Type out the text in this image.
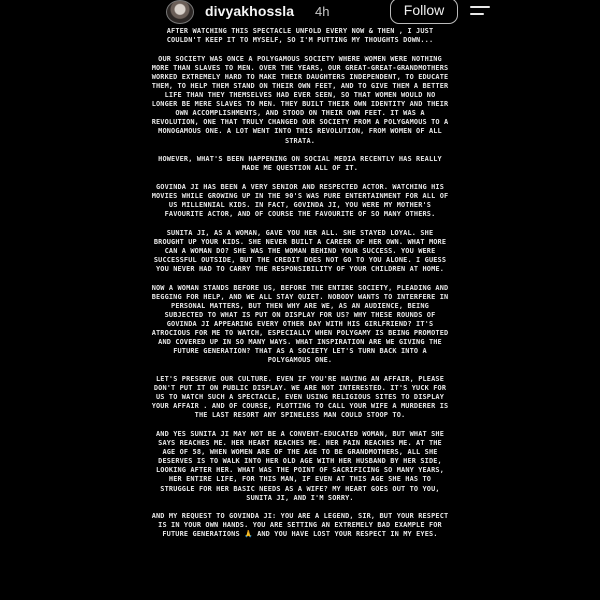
divyakhossla 4h	Follow

AFTER WATCHING THIS SPECTACLE UNFOLD EVERY NOW & THEN , I JUST COULDN'T KEEP IT TO MYSELF, SO I'M PUTTING MY THOUGHTS DOWN...

OUR SOCIETY WAS ONCE A POLYGAMOUS SOCIETY WHERE WOMEN WERE NOTHING MORE THAN SLAVES TO MEN. OVER THE YEARS, OUR GREAT-GREAT-GRANDMOTHERS WORKED EXTREMELY HARD TO MAKE THEIR DAUGHTERS INDEPENDENT, TO EDUCATE THEM, TO HELP THEM STAND ON THEIR OWN FEET, AND TO GIVE THEM A BETTER LIFE THAN THEY THEMSELVES HAD EVER SEEN, SO THAT WOMEN WOULD NO LONGER BE MERE SLAVES TO MEN. THEY BUILT THEIR OWN IDENTITY AND THEIR OWN ACCOMPLISHMENTS, AND STOOD ON THEIR OWN FEET. IT WAS A REVOLUTION, ONE THAT TRULY CHANGED OUR SOCIETY FROM A POLYGAMOUS TO A MONOGAMOUS ONE. A LOT WENT INTO THIS REVOLUTION, FROM WOMEN OF ALL STRATA.

HOWEVER, WHAT'S BEEN HAPPENING ON SOCIAL MEDIA RECENTLY HAS REALLY MADE ME QUESTION ALL OF IT.

GOVINDA JI HAS BEEN A VERY SENIOR AND RESPECTED ACTOR. WATCHING HIS MOVIES WHILE GROWING UP IN THE 90'S WAS PURE ENTERTAINMENT FOR ALL OF US MILLENNIAL KIDS. IN FACT, GOVINDA JI, YOU WERE MY MOTHER'S FAVOURITE ACTOR, AND OF COURSE THE FAVOURITE OF SO MANY OTHERS.

SUNITA JI, AS A WOMAN, GAVE YOU HER ALL. SHE STAYED LOYAL. SHE BROUGHT UP YOUR KIDS. SHE NEVER BUILT A CAREER OF HER OWN. WHAT MORE CAN A WOMAN DO? SHE WAS THE WOMAN BEHIND YOUR SUCCESS. YOU WERE SUCCESSFUL OUTSIDE, BUT THE CREDIT DOES NOT GO TO YOU ALONE. I GUESS YOU NEVER HAD TO CARRY THE RESPONSIBILITY OF YOUR CHILDREN AT HOME.

NOW A WOMAN STANDS BEFORE US, BEFORE THE ENTIRE SOCIETY, PLEADING AND BEGGING FOR HELP, AND WE ALL STAY QUIET. NOBODY WANTS TO INTERFERE IN PERSONAL MATTERS, BUT THEN WHY ARE WE, AS AN AUDIENCE, BEING SUBJECTED TO WHAT IS PUT ON DISPLAY FOR US? WHY THESE ROUNDS OF GOVINDA JI APPEARING EVERY OTHER DAY WITH HIS GIRLFRIEND? IT'S ATROCIOUS FOR ME TO WATCH, ESPECIALLY WHEN POLYGAMY IS BEING PROMOTED AND COVERED UP IN SO MANY WAYS. WHAT INSPIRATION ARE WE GIVING THE FUTURE GENERATION? THAT AS A SOCIETY LET'S TURN BACK INTO A POLYGAMOUS ONE.

LET'S PRESERVE OUR CULTURE. EVEN IF YOU'RE HAVING AN AFFAIR, PLEASE DON'T PUT IT ON PUBLIC DISPLAY. WE ARE NOT INTERESTED. IT'S YUCK FOR US TO WATCH SUCH A SPECTACLE, EVEN USING RELIGIOUS SITES TO DISPLAY YOUR AFFAIR . AND OF COURSE, PLOTTING TO CALL YOUR WIFE A MURDERER IS THE LAST RESORT ANY SPINELESS MAN COULD STOOP TO.

AND YES SUNITA JI MAY NOT BE A CONVENT-EDUCATED WOMAN, BUT WHAT SHE SAYS REACHES ME. HER HEART REACHES ME. HER PAIN REACHES ME. AT THE AGE OF 58, WHEN WOMEN ARE OF THE AGE TO BE GRANDMOTHERS, ALL SHE DESERVES IS TO WALK INTO HER OLD AGE WITH HER HUSBAND BY HER SIDE, LOOKING AFTER HER. WHAT WAS THE POINT OF SACRIFICING SO MANY YEARS, HER ENTIRE LIFE, FOR THIS MAN, IF EVEN AT THIS AGE SHE HAS TO STRUGGLE FOR HER BASIC NEEDS AS A WIFE? MY HEART GOES OUT TO YOU, SUNITA JI, AND I'M SORRY.

AND MY REQUEST TO GOVINDA JI: YOU ARE A LEGEND, SIR, BUT YOUR RESPECT IS IN YOUR OWN HANDS. YOU ARE SETTING AN EXTREMELY BAD EXAMPLE FOR FUTURE GENERATIONS 🙏 AND YOU HAVE LOST YOUR RESPECT IN MY EYES.
